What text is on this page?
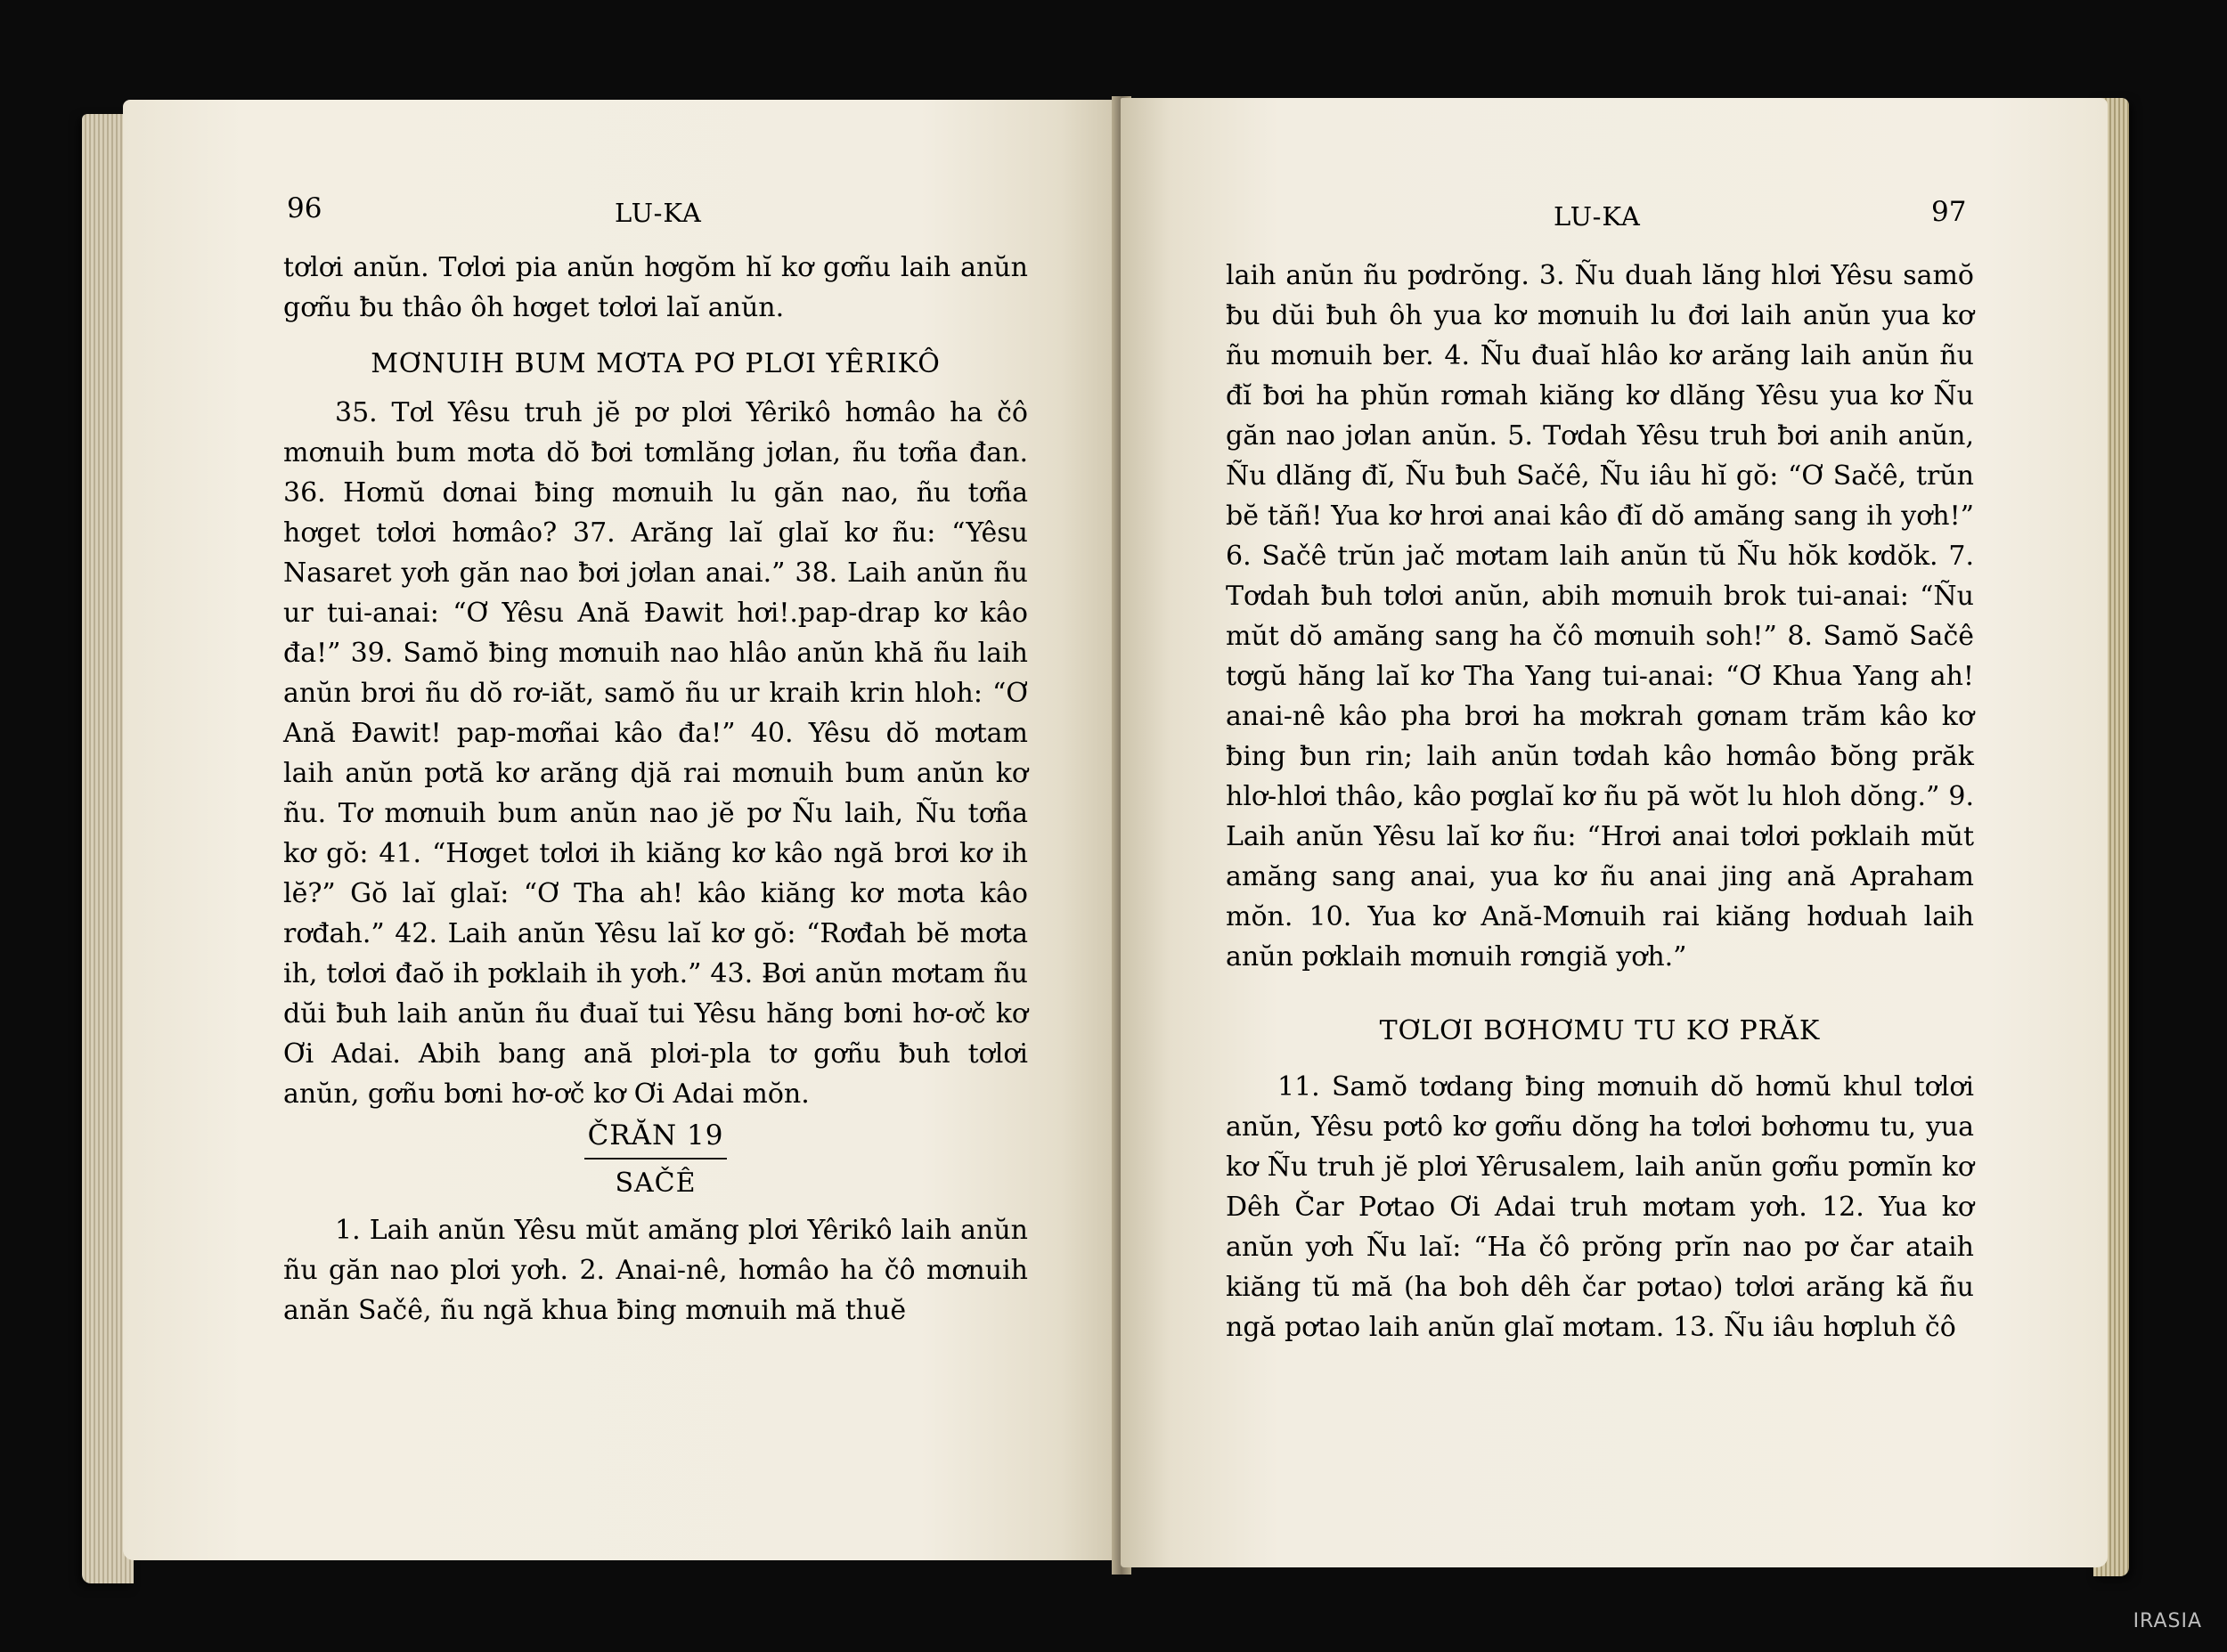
96	LU-KA

tơlơi anŭn. Tơlơi pia anŭn hơgŏm hĭ kơ gơñu laih anŭn gơñu ƀu thâo ôh hơget tơlơi laĭ anŭn.

MƠNUIH BUM MƠTA PƠ PLƠI YÊRIKÔ

35. Tơl Yêsu truh jĕ pơ plơi Yêrikô hơmâo ha čô mơnuih bum mơta dŏ ƀơi tơmlăng jơlan, ñu tơña đan. 36. Hơmŭ dơnai ƀing mơnuih lu găn nao, ñu tơña hơget tơlơi hơmâo? 37. Arăng laĭ glaĭ kơ ñu: “Yêsu Nasaret yơh găn nao ƀơi jơlan anai.” 38. Laih anŭn ñu ur tui-anai: “Ơ Yêsu Ană Đawit hơi!.pap-drap kơ kâo đa!” 39. Samŏ ƀing mơnuih nao hlâo anŭn khă ñu laih anŭn brơi ñu dŏ rơ-iăt, samŏ ñu ur kraih krin hloh: “Ơ Ană Đawit! pap-mơñai kâo đa!” 40. Yêsu dŏ mơtam laih anŭn pơtă kơ arăng djă rai mơnuih bum anŭn kơ ñu. Tơ mơnuih bum anŭn nao jĕ pơ Ñu laih, Ñu tơña kơ gŏ: 41. “Hơget tơlơi ih kiăng kơ kâo ngă brơi kơ ih lĕ?” Gŏ laĭ glaĭ: “Ơ Tha ah! kâo kiăng kơ mơta kâo rơđah.” 42. Laih anŭn Yêsu laĭ kơ gŏ: “Rơđah bĕ mơta ih, tơlơi đaŏ ih pơklaih ih yơh.” 43. Ƀơi anŭn mơtam ñu dŭi ƀuh laih anŭn ñu đuaĭ tui Yêsu hăng bơni hơ-ơč kơ Ơi Adai. Abih bang ană plơi-pla tơ gơñu ƀuh tơlơi anŭn, gơñu bơni hơ-ơč kơ Ơi Adai mŏn.

ČRĂN 19
SAČÊ

1. Laih anŭn Yêsu mŭt amăng plơi Yêrikô laih anŭn ñu găn nao plơi yơh. 2. Anai-nê, hơmâo ha čô mơnuih anăn Sačê, ñu ngă khua ƀing mơnuih mă thuĕ

LU-KA	97

laih anŭn ñu pơdrŏng. 3. Ñu duah lăng hlơi Yêsu samŏ ƀu dŭi ƀuh ôh yua kơ mơnuih lu đơi laih anŭn yua kơ ñu mơnuih ber. 4. Ñu đuaĭ hlâo kơ arăng laih anŭn ñu đĭ ƀơi ha phŭn rơmah kiăng kơ dlăng Yêsu yua kơ Ñu găn nao jơlan anŭn. 5. Tơdah Yêsu truh ƀơi anih anŭn, Ñu dlăng đĭ, Ñu ƀuh Sačê, Ñu iâu hĭ gŏ: “Ơ Sačê, trŭn bĕ tăñ! Yua kơ hrơi anai kâo đĭ dŏ amăng sang ih yơh!” 6. Sačê trŭn jač mơtam laih anŭn tŭ Ñu hŏk kơdŏk. 7. Tơdah ƀuh tơlơi anŭn, abih mơnuih brok tui-anai: “Ñu mŭt dŏ amăng sang ha čô mơnuih soh!” 8. Samŏ Sačê tơgŭ hăng laĭ kơ Tha Yang tui-anai: “Ơ Khua Yang ah! anai-nê kâo pha brơi ha mơkrah gơnam trăm kâo kơ ƀing ƀun rin; laih anŭn tơdah kâo hơmâo ƀŏng prăk hlơ-hlơi thâo, kâo pơglaĭ kơ ñu pă wŏt lu hloh dŏng.” 9. Laih anŭn Yêsu laĭ kơ ñu: “Hrơi anai tơlơi pơklaih mŭt amăng sang anai, yua kơ ñu anai jing ană Apraham mŏn. 10. Yua kơ Ană-Mơnuih rai kiăng hơduah laih anŭn pơklaih mơnuih rơngiă yơh.”

TƠLƠI BƠHƠMU TU KƠ PRĂK

11. Samŏ tơdang ƀing mơnuih dŏ hơmŭ khul tơlơi anŭn, Yêsu pơtô kơ gơñu dŏng ha tơlơi bơhơmu tu, yua kơ Ñu truh jĕ plơi Yêrusalem, laih anŭn gơñu pơmĭn kơ Dêh Čar Pơtao Ơi Adai truh mơtam yơh. 12. Yua kơ anŭn yơh Ñu laĭ: “Ha čô prŏng prĭn nao pơ čar ataih kiăng tŭ mă (ha boh dêh čar pơtao) tơlơi arăng kă ñu ngă pơtao laih anŭn glaĭ mơtam. 13. Ñu iâu hơpluh čô

IRASIA
